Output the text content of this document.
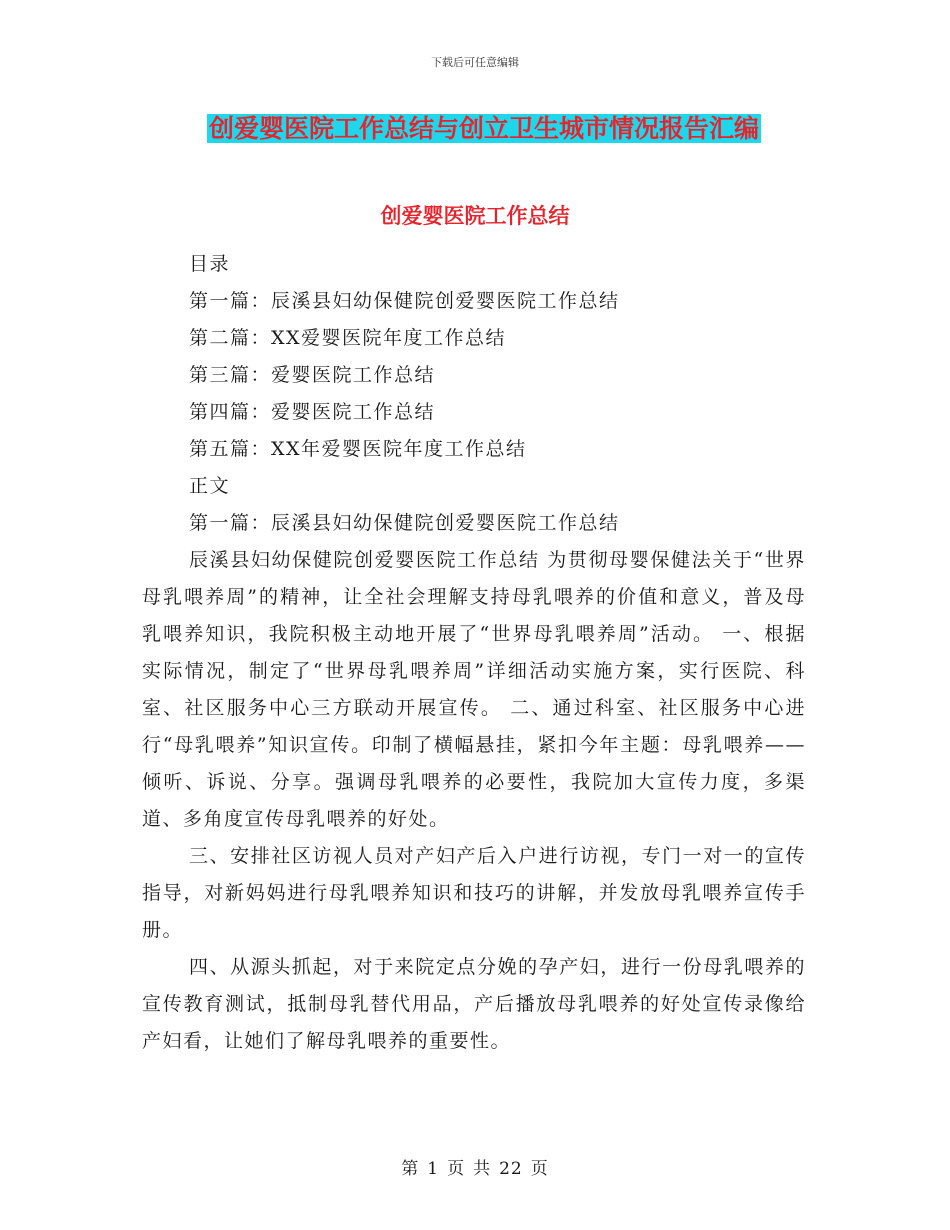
下载后可任意编辑
创爱婴医院工作总结与创立卫生城市情况报告汇编
创爱婴医院工作总结

目录

第一篇：辰溪县妇幼保健院创爱婴医院工作总结

第二篇：XX爱婴医院年度工作总结

第三篇：爱婴医院工作总结

第四篇：爱婴医院工作总结

第五篇：XX年爱婴医院年度工作总结

正文

第一篇：辰溪县妇幼保健院创爱婴医院工作总结

辰溪县妇幼保健院创爱婴医院工作总结 为贯彻母婴保健法关于“世界母乳喂养周”的精神，让全社会理解支持母乳喂养的价值和意义，普及母乳喂养知识，我院积极主动地开展了“世界母乳喂养周”活动。 一、根据实际情况，制定了“世界母乳喂养周”详细活动实施方案，实行医院、科室、社区服务中心三方联动开展宣传。 二、通过科室、社区服务中心进行“母乳喂养”知识宣传。印制了横幅悬挂，紧扣今年主题：母乳喂养——倾听、诉说、分享。强调母乳喂养的必要性，我院加大宣传力度，多渠道、多角度宣传母乳喂养的好处。

三、安排社区访视人员对产妇产后入户进行访视，专门一对一的宣传指导，对新妈妈进行母乳喂养知识和技巧的讲解，并发放母乳喂养宣传手册。

四、从源头抓起，对于来院定点分娩的孕产妇，进行一份母乳喂养的宣传教育测试，抵制母乳替代用品，产后播放母乳喂养的好处宣传录像给产妇看，让她们了解母乳喂养的重要性。

第 1 页 共 22 页
